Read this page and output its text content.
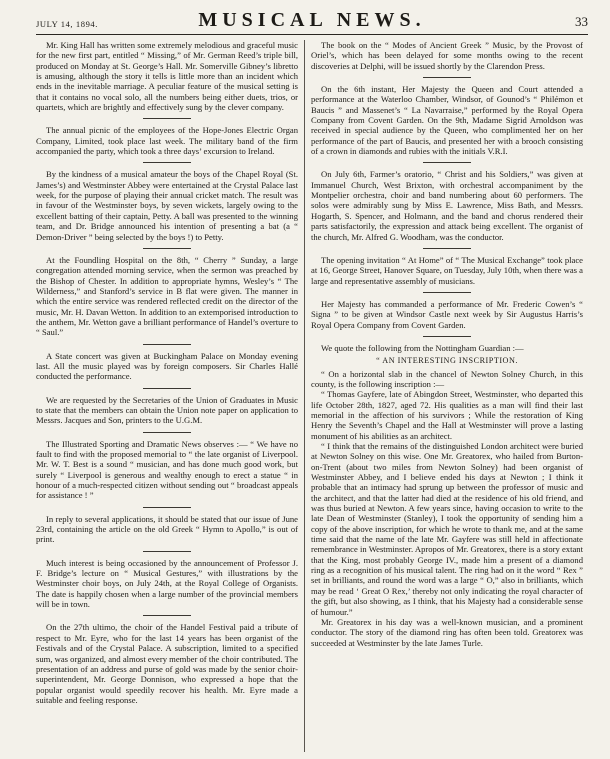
JULY 14, 1894.	MUSICAL NEWS.	33

Mr. King Hall has written some extremely melodious and graceful music for the new first part, entitled “ Missing,” of Mr. German Reed’s triple bill, produced on Monday at St. George’s Hall. Mr. Somerville Gibney’s libretto is amusing, although the story it tells is little more than an incident which ends in the inevitable marriage. A peculiar feature of the musical setting is that it contains no vocal solo, all the numbers being either duets, trios, or quartets, which are brightly and effectively sung by the clever company.

The annual picnic of the employees of the Hope-Jones Electric Organ Company, Limited, took place last week. The military band of the firm accompanied the party, which took a three days’ excursion to Ireland.

By the kindness of a musical amateur the boys of the Chapel Royal (St. James’s) and Westminster Abbey were entertained at the Crystal Palace last week, for the purpose of playing their annual cricket match. The result was in favour of the Westminster boys, by seven wickets, largely owing to the excellent batting of their captain, Petty. A ball was presented to the winning team, and Dr. Bridge announced his intention of presenting a bat (a “ Demon-Driver ” being selected by the boys !) to Petty.

At the Foundling Hospital on the 8th, “ Cherry ” Sunday, a large congregation attended morning service, when the sermon was preached by the Bishop of Chester. In addition to appropriate hymns, Wesley’s “ The Wilderness,” and Stanford’s service in B flat were given. The manner in which the entire service was rendered reflected credit on the director of the music, Mr. H. Davan Wetton. In addition to an extemporised introduction to the anthem, Mr. Wetton gave a brilliant performance of Handel’s overture to “ Saul.”

A State concert was given at Buckingham Palace on Monday evening last. All the music played was by foreign composers. Sir Charles Hallé conducted the performance.

We are requested by the Secretaries of the Union of Graduates in Music to state that the members can obtain the Union note paper on application to Messrs. Jacques and Son, printers to the U.G.M.

The Illustrated Sporting and Dramatic News observes :— “ We have no fault to find with the proposed memorial to “ the late organist of Liverpool. Mr. W. T. Best is a sound “ musician, and has done much good work, but surely “ Liverpool is generous and wealthy enough to erect a statue “ in honour of a much-respected citizen without sending out “ broadcast appeals for assistance ! ”

In reply to several applications, it should be stated that our issue of June 23rd, containing the article on the old Greek “ Hymn to Apollo,” is out of print.

Much interest is being occasioned by the announcement of Professor J. F. Bridge’s lecture on “ Musical Gestures,” with illustrations by the Westminster choir boys, on July 24th, at the Royal College of Organists. The date is happily chosen when a large number of the provincial members will be in town.

On the 27th ultimo, the choir of the Handel Festival paid a tribute of respect to Mr. Eyre, who for the last 14 years has been organist of the Festivals and of the Crystal Palace. A subscription, limited to a specified sum, was organized, and almost every member of the choir contributed. The presentation of an address and purse of gold was made by the senior choir-superintendent, Mr. George Donnison, who expressed a hope that the popular organist would speedily recover his health. Mr. Eyre made a suitable and feeling response.

The book on the “ Modes of Ancient Greek ” Music, by the Provost of Oriel’s, which has been delayed for some months owing to the recent discoveries at Delphi, will be issued shortly by the Clarendon Press.

On the 6th instant, Her Majesty the Queen and Court attended a performance at the Waterloo Chamber, Windsor, of Gounod’s “ Philémon et Baucis ” and Massenet’s “ La Navarraise,” performed by the Royal Opera Company from Covent Garden. On the 9th, Madame Sigrid Arnoldson was received in special audience by the Queen, who complimented her on her performance of the part of Baucis, and presented her with a brooch consisting of a crown in diamonds and rubies with the initials V.R.I.

On July 6th, Farmer’s oratorio, “ Christ and his Soldiers,” was given at Immanuel Church, West Brixton, with orchestral accompaniment by the Montpelier orchestra, choir and band numbering about 60 performers. The solos were admirably sung by Miss E. Lawrence, Miss Bath, and Messrs. Hogarth, S. Spencer, and Holmann, and the band and chorus rendered their parts satisfactorily, the expression and attack being excellent. The organist of the church, Mr. Alfred G. Woodham, was the conductor.

The opening invitation “ At Home” of “ The Musical Exchange” took place at 16, George Street, Hanover Square, on Tuesday, July 10th, when there was a large and representative assembly of musicians.

Her Majesty has commanded a performance of Mr. Frederic Cowen’s “ Signa ” to be given at Windsor Castle next week by Sir Augustus Harris’s Royal Opera Company from Covent Garden.

We quote the following from the Nottingham Guardian :—

“ AN INTERESTING INSCRIPTION.

“ On a horizontal slab in the chancel of Newton Solney Church, in this county, is the following inscription :—

“ Thomas Gayfere, late of Abingdon Street, Westminster, who departed this life October 28th, 1827, aged 72. His qualities as a man will find their last memorial in the affection of his survivors ; While the restoration of King Henry the Seventh’s Chapel and the Hall at Westminster will prove a lasting monument of his abilities as an architect.

“ I think that the remains of the distinguished London architect were buried at Newton Solney on this wise. One Mr. Greatorex, who hailed from Burton-on-Trent (about two miles from Newton Solney) had been organist of Westminster Abbey, and I believe ended his days at Newton ; I think it probable that an intimacy had sprung up between the professor of music and the architect, and that the latter had died at the residence of his old friend, and was thus buried at Newton. A few years since, having occasion to write to the late Dean of Westminster (Stanley), I took the opportunity of sending him a copy of the above inscription, for which he wrote to thank me, and at the same time said that the name of the late Mr. Gayfere was still held in affectionate remembrance in Westminster. Apropos of Mr. Greatorex, there is a story extant that the King, most probably George IV., made him a present of a diamond ring as a recognition of his musical talent. The ring had on it the word “ Rex ” set in brilliants, and round the word was a large “ O,” also in brilliants, which may be read ‘ Great O Rex,’ thereby not only indicating the royal character of the gift, but also showing, as I think, that his Majesty had a considerable sense of humour.”

Mr. Greatorex in his day was a well-known musician, and a prominent conductor. The story of the diamond ring has often been told. Greatorex was succeeded at Westminster by the late James Turle.
